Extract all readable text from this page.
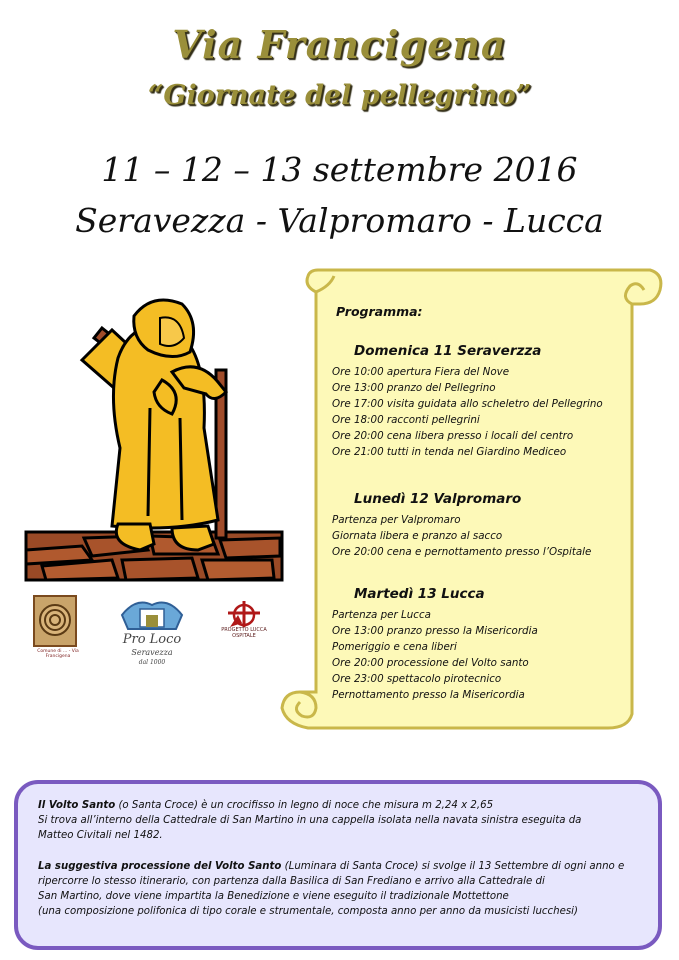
Via Francigena
“Giornate del pellegrino”
11 – 12 – 13 settembre 2016
Seravezza - Valpromaro - Lucca
Comune di ... - Via Francigena
Pro Loco
Seravezza
dal 1000
PROGETTO LUCCA OSPITALE
Programma:
Domenica 11 Seraverzza
Ore 10:00 apertura Fiera del Nove
Ore 13:00 pranzo del Pellegrino
Ore 17:00 visita guidata allo scheletro del Pellegrino
Ore 18:00 racconti pellegrini
Ore 20:00 cena libera presso i locali del centro
Ore 21:00 tutti in tenda nel Giardino Mediceo
Lunedì 12 Valpromaro
Partenza per Valpromaro
Giornata libera e pranzo al sacco
Ore 20:00 cena e pernottamento presso l’Ospitale
Martedì 13 Lucca
Partenza per Lucca
Ore 13:00 pranzo presso la Misericordia
Pomeriggio e cena liberi
Ore 20:00 processione del Volto santo
Ore 23:00 spettacolo pirotecnico
Pernottamento presso la Misericordia
Il Volto Santo (o Santa Croce) è un crocifisso in legno di noce che misura m 2,24 x 2,65
Si trova all’interno della Cattedrale di San Martino in una cappella isolata nella navata sinistra eseguita da
Matteo Civitali nel 1482.
La suggestiva processione del Volto Santo (Luminara di Santa Croce) si svolge il 13 Settembre di ogni anno e
ripercorre lo stesso itinerario, con partenza dalla Basilica di San Frediano e arrivo alla Cattedrale di
San Martino, dove viene impartita la Benedizione e viene eseguito il tradizionale Mottettone
(una composizione polifonica di tipo corale e strumentale, composta anno per anno da musicisti lucchesi)
